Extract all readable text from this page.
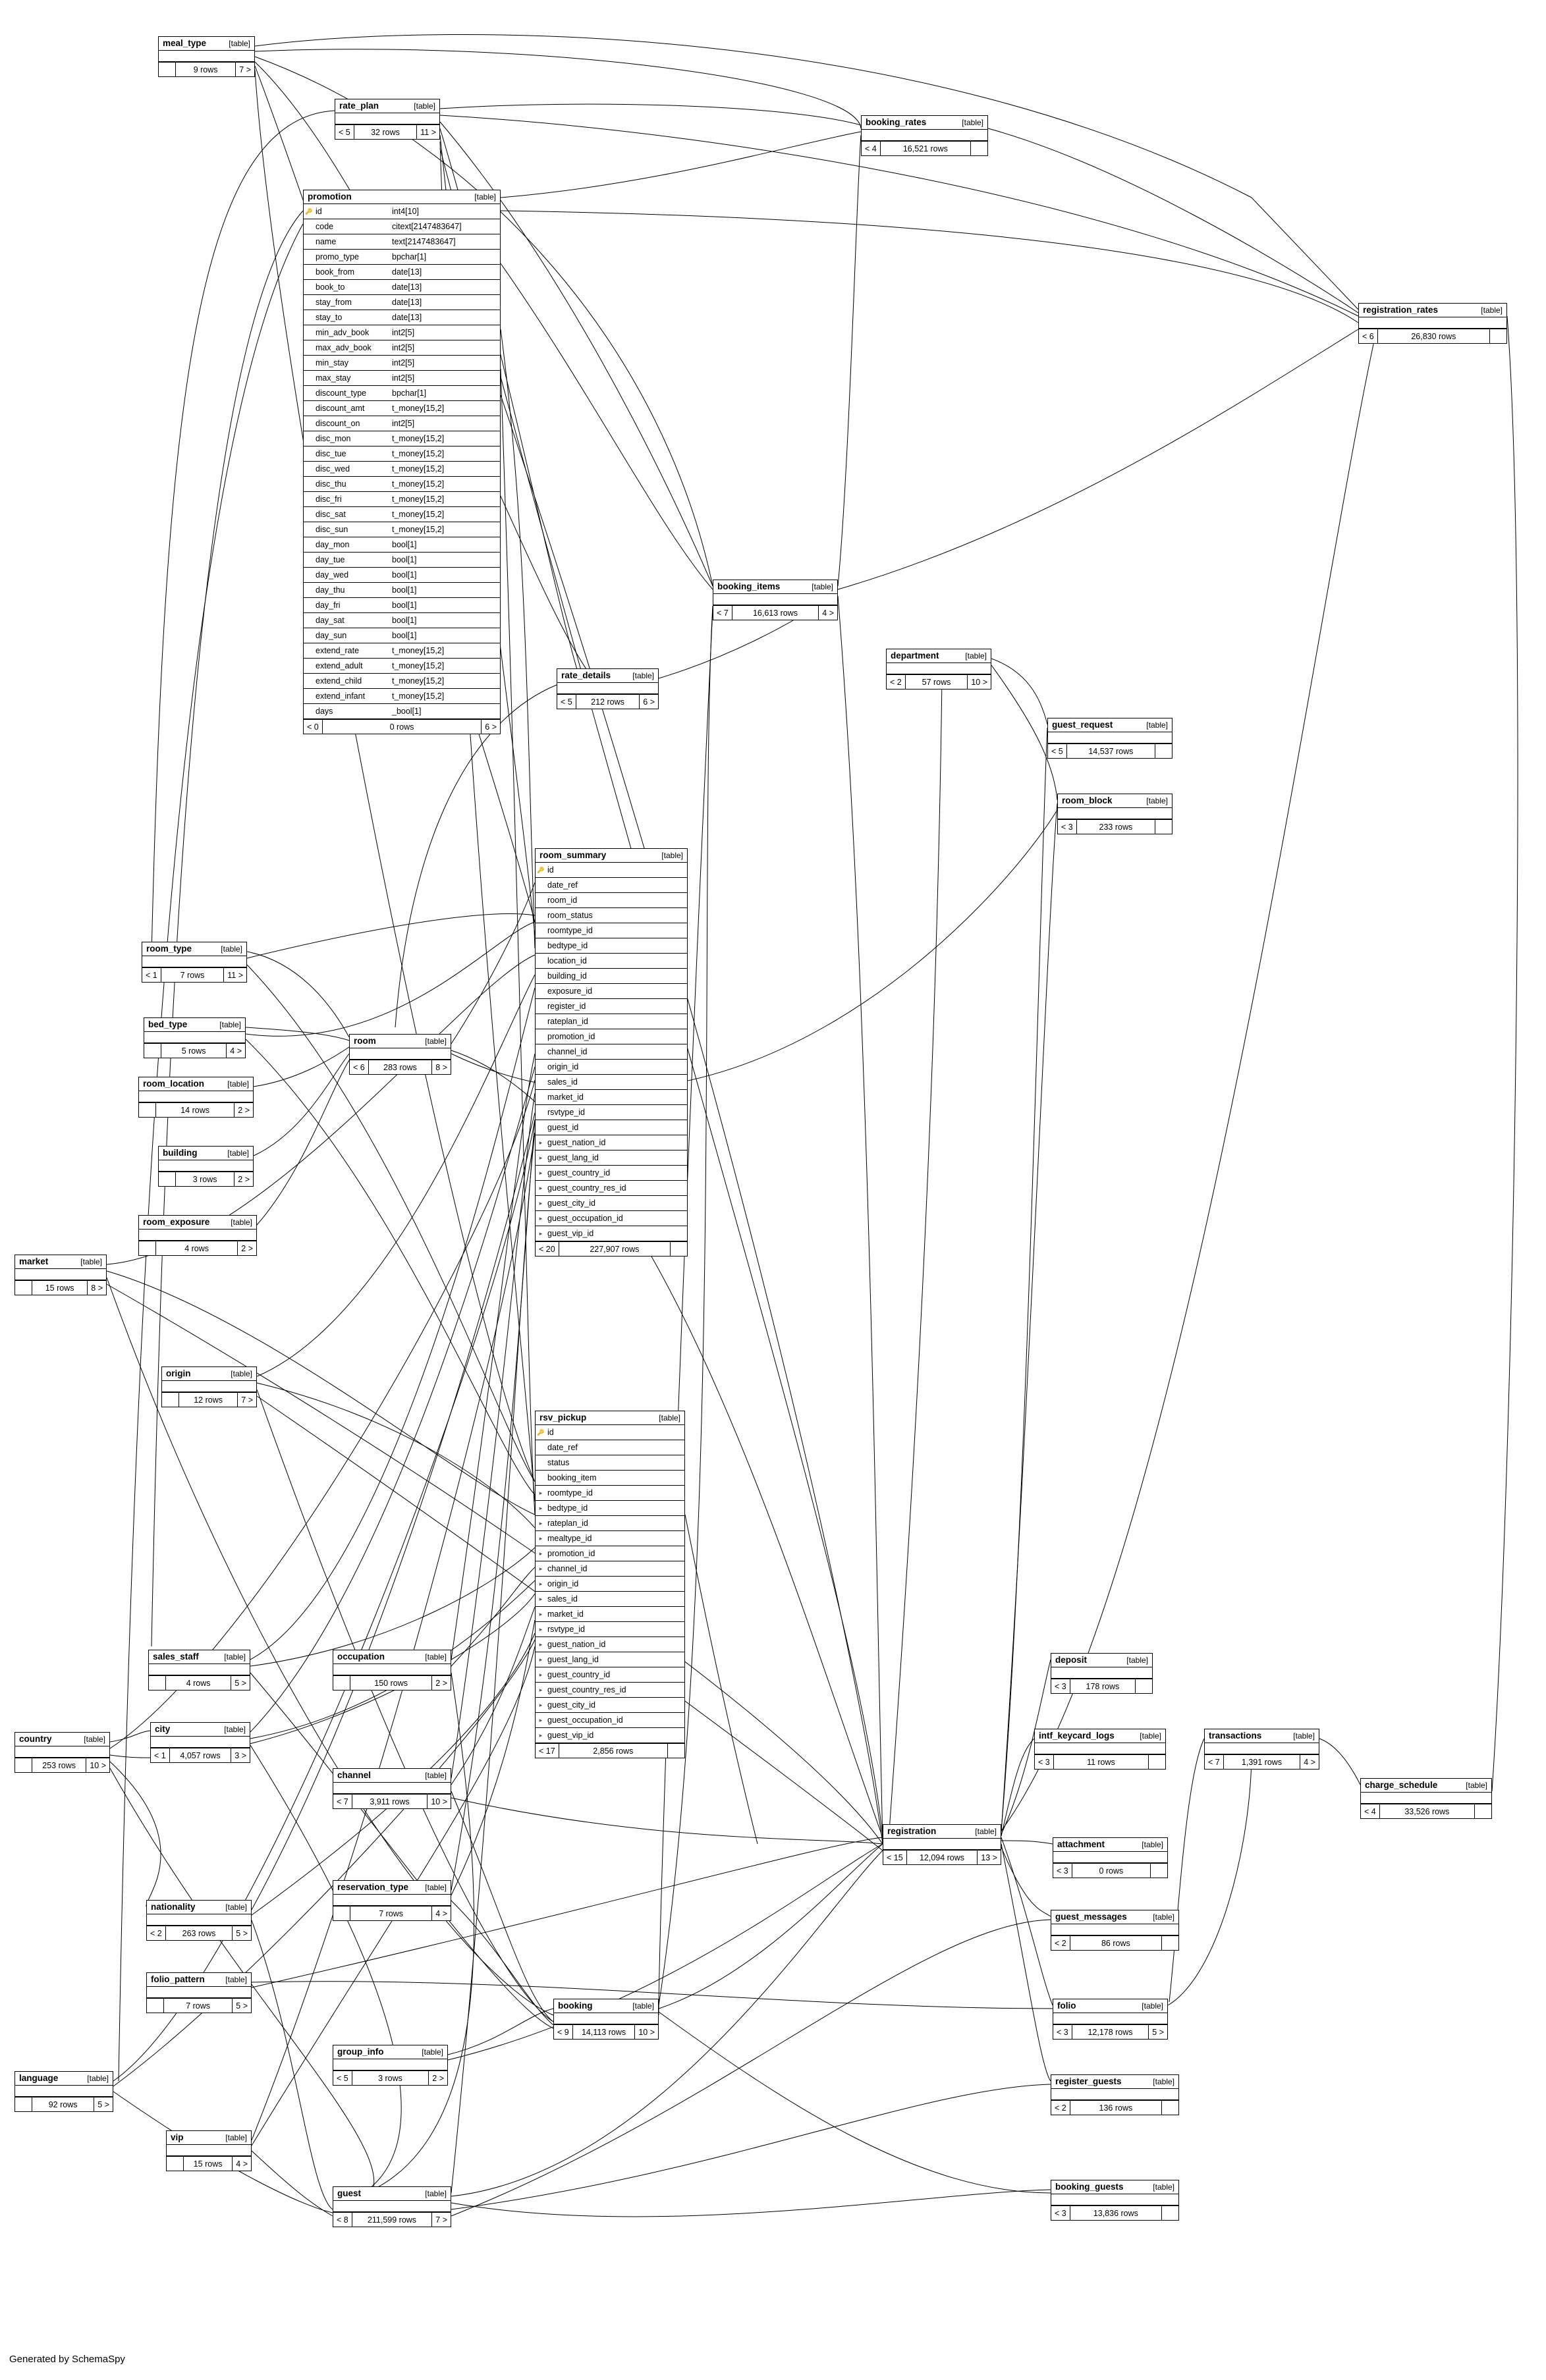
Generated by SchemaSpy
meal_type	[table]
9 rows	7 >
rate_plan	[table]
< 5	32 rows	11 >
booking_rates	[table]
< 4	16,521 rows
registration_rates	[table]
< 6	26,830 rows
promotion	[table]
🔑
id	int4[10]
code	citext[2147483647]
name	text[2147483647]
promo_type	bpchar[1]
book_from	date[13]
book_to	date[13]
stay_from	date[13]
stay_to	date[13]
min_adv_book	int2[5]
max_adv_book	int2[5]
min_stay	int2[5]
max_stay	int2[5]
discount_type	bpchar[1]
discount_amt	t_money[15,2]
discount_on	int2[5]
disc_mon	t_money[15,2]
disc_tue	t_money[15,2]
disc_wed	t_money[15,2]
disc_thu	t_money[15,2]
disc_fri	t_money[15,2]
disc_sat	t_money[15,2]
disc_sun	t_money[15,2]
day_mon	bool[1]
day_tue	bool[1]
day_wed	bool[1]
day_thu	bool[1]
day_fri	bool[1]
day_sat	bool[1]
day_sun	bool[1]
extend_rate	t_money[15,2]
extend_adult	t_money[15,2]
extend_child	t_money[15,2]
extend_infant	t_money[15,2]
days	_bool[1]
< 0	0 rows	6 >
booking_items	[table]
< 7	16,613 rows	4 >
department	[table]
< 2	57 rows	10 >
rate_details	[table]
< 5	212 rows	6 >
guest_request	[table]
< 5	14,537 rows
room_block	[table]
< 3	233 rows
room_type	[table]
< 1	7 rows	11 >
bed_type	[table]
5 rows	4 >
room	[table]
< 6	283 rows	8 >
room_location	[table]
14 rows	2 >
building	[table]
3 rows	2 >
room_exposure	[table]
4 rows	2 >
market	[table]
15 rows	8 >
room_summary	[table]
🔑
id
date_ref
room_id
room_status
roomtype_id
bedtype_id
location_id
building_id
exposure_id
register_id
rateplan_id
promotion_id
channel_id
origin_id
sales_id
market_id
rsvtype_id
guest_id
▸
guest_nation_id
▸
guest_lang_id
▸
guest_country_id
▸
guest_country_res_id
▸
guest_city_id
▸
guest_occupation_id
▸
guest_vip_id
< 20	227,907 rows
origin	[table]
12 rows	7 >
rsv_pickup	[table]
🔑
id
date_ref
status
booking_item
▸
roomtype_id
▸
bedtype_id
▸
rateplan_id
▸
mealtype_id
▸
promotion_id
▸
channel_id
▸
origin_id
▸
sales_id
▸
market_id
▸
rsvtype_id
▸
guest_nation_id
▸
guest_lang_id
▸
guest_country_id
▸
guest_country_res_id
▸
guest_city_id
▸
guest_occupation_id
▸
guest_vip_id
< 17	2,856 rows
sales_staff	[table]
4 rows	5 >
occupation	[table]
150 rows	2 >
deposit	[table]
< 3	178 rows
city	[table]
< 1	4,057 rows	3 >
country	[table]
253 rows	10 >
intf_keycard_logs	[table]
< 3	11 rows
transactions	[table]
< 7	1,391 rows	4 >
charge_schedule	[table]
< 4	33,526 rows
channel	[table]
< 7	3,911 rows	10 >
registration	[table]
< 15	12,094 rows	13 >
attachment	[table]
< 3	0 rows
reservation_type [table]
7 rows	4 >
nationality	[table]
< 2	263 rows	5 >
guest_messages	[table]
< 2	86 rows
folio_pattern	[table]
7 rows	5 >	booking	[table]
< 9	14,113 rows	10 >
folio	[table]
< 3	12,178 rows	5 >
group_info	[table]
< 5	3 rows	2 >	register_guests	[table]
< 2	136 rows
language	[table]
92 rows	5 >
vip	[table]
15 rows	4 >
guest	[table]
< 8	211,599 rows	7 >
booking_guests	[table]
< 3	13,836 rows
